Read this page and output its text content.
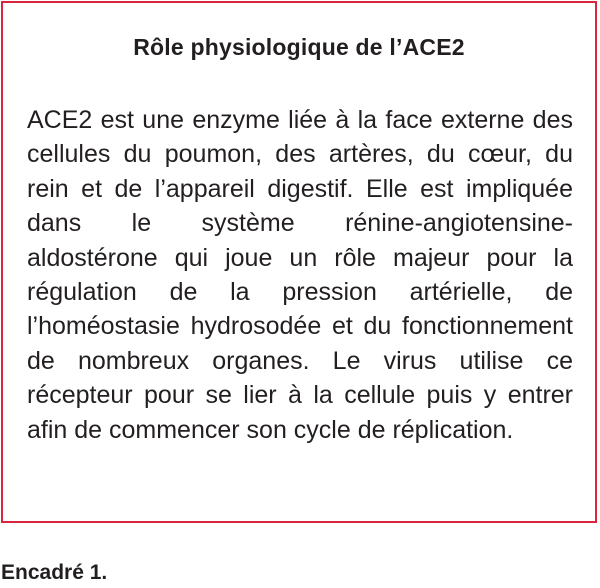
Rôle physiologique de l’ACE2
ACE2 est une enzyme liée à la face externe des cellules du poumon, des artères, du cœur, du rein et de l’appareil digestif. Elle est impliquée dans le système rénine-angiotensine-aldostérone qui joue un rôle majeur pour la régulation de la pression artérielle, de l’homéostasie hydrosodée et du fonctionnement de nombreux organes. Le virus utilise ce récepteur pour se lier à la cellule puis y entrer afin de commencer son cycle de réplication.
Encadré 1.
